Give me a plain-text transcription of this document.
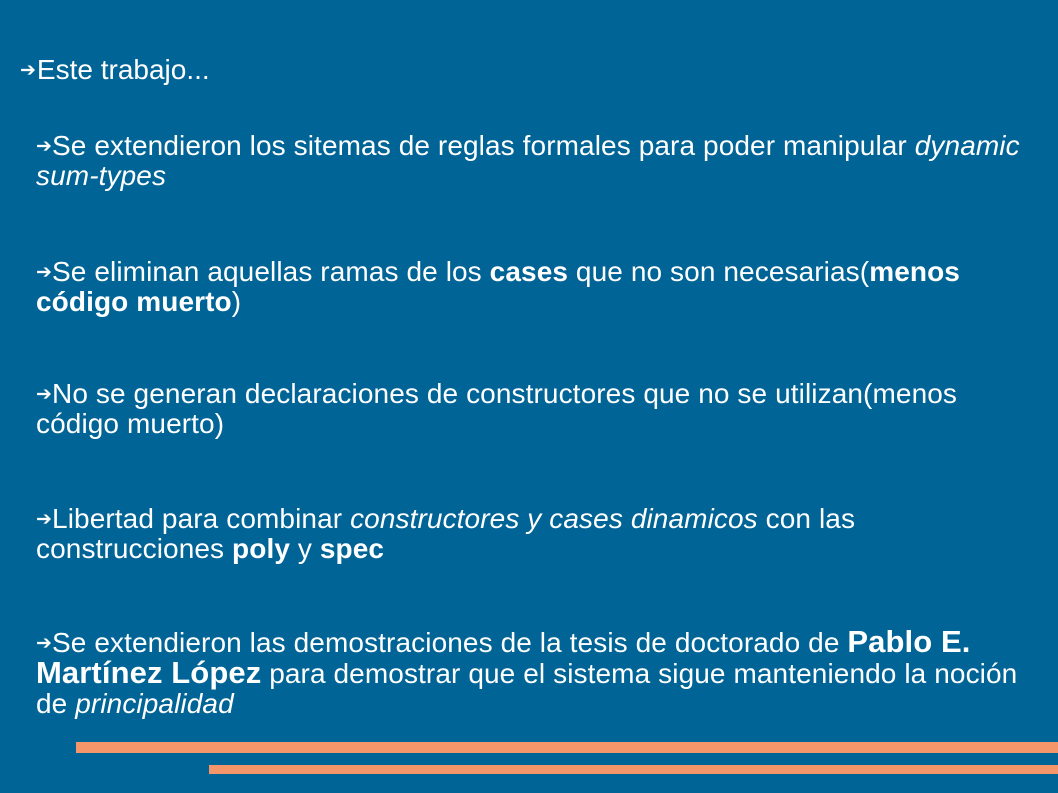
➔Este trabajo...
➔Se extendieron los sitemas de reglas formales para poder manipular dynamic sum-types
➔Se eliminan aquellas ramas de los cases que no son necesarias(menos código muerto)
➔No se generan declaraciones de constructores que no se utilizan(menos código muerto)
➔Libertad para combinar constructores y cases dinamicos con las construcciones poly y spec
➔Se extendieron las demostraciones de la tesis de doctorado de Pablo E. Martínez López para demostrar que el sistema sigue manteniendo la noción de principalidad
